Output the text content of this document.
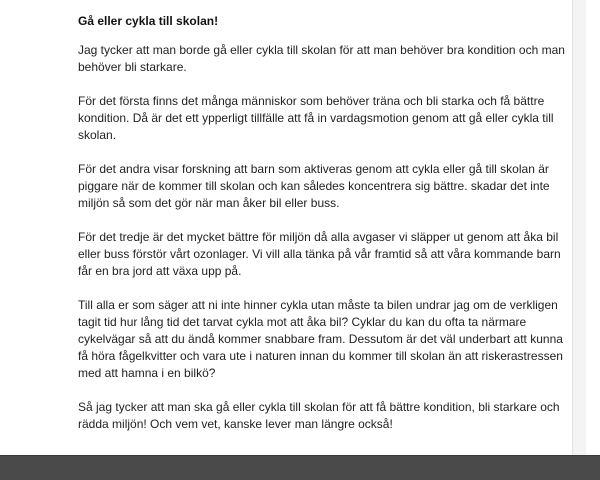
Gå eller cykla till skolan!

Jag tycker att man borde gå eller cykla till skolan för att man behöver bra kondition och man behöver bli starkare.

För det första finns det många människor som behöver träna och bli starka och få bättre kondition. Då är det ett ypperligt tillfälle att få in vardagsmotion genom att gå eller cykla till skolan.

För det andra visar forskning att barn som aktiveras genom att cykla eller gå till skolan är piggare när de kommer till skolan och kan således koncentrera sig bättre. skadar det inte miljön så som det gör när man åker bil eller buss.

För det tredje är det mycket bättre för miljön då alla avgaser vi släpper ut genom att åka bil eller buss förstör vårt ozonlager. Vi vill alla tänka på vår framtid så att våra kommande barn får en bra jord att växa upp på.

Till alla er som säger att ni inte hinner cykla utan måste ta bilen undrar jag om de verkligen tagit tid hur lång tid det tarvat cykla mot att åka bil? Cyklar du kan du ofta ta närmare cykelvägar så att du ändå kommer snabbare fram. Dessutom är det väl underbart att kunna få höra fågelkvitter och vara ute i naturen innan du kommer till skolan än att riskerastressen med att hamna i en bilkö?

Så jag tycker att man ska gå eller cykla till skolan för att få bättre kondition, bli starkare och rädda miljön! Och vem vet, kanske lever man längre också!
